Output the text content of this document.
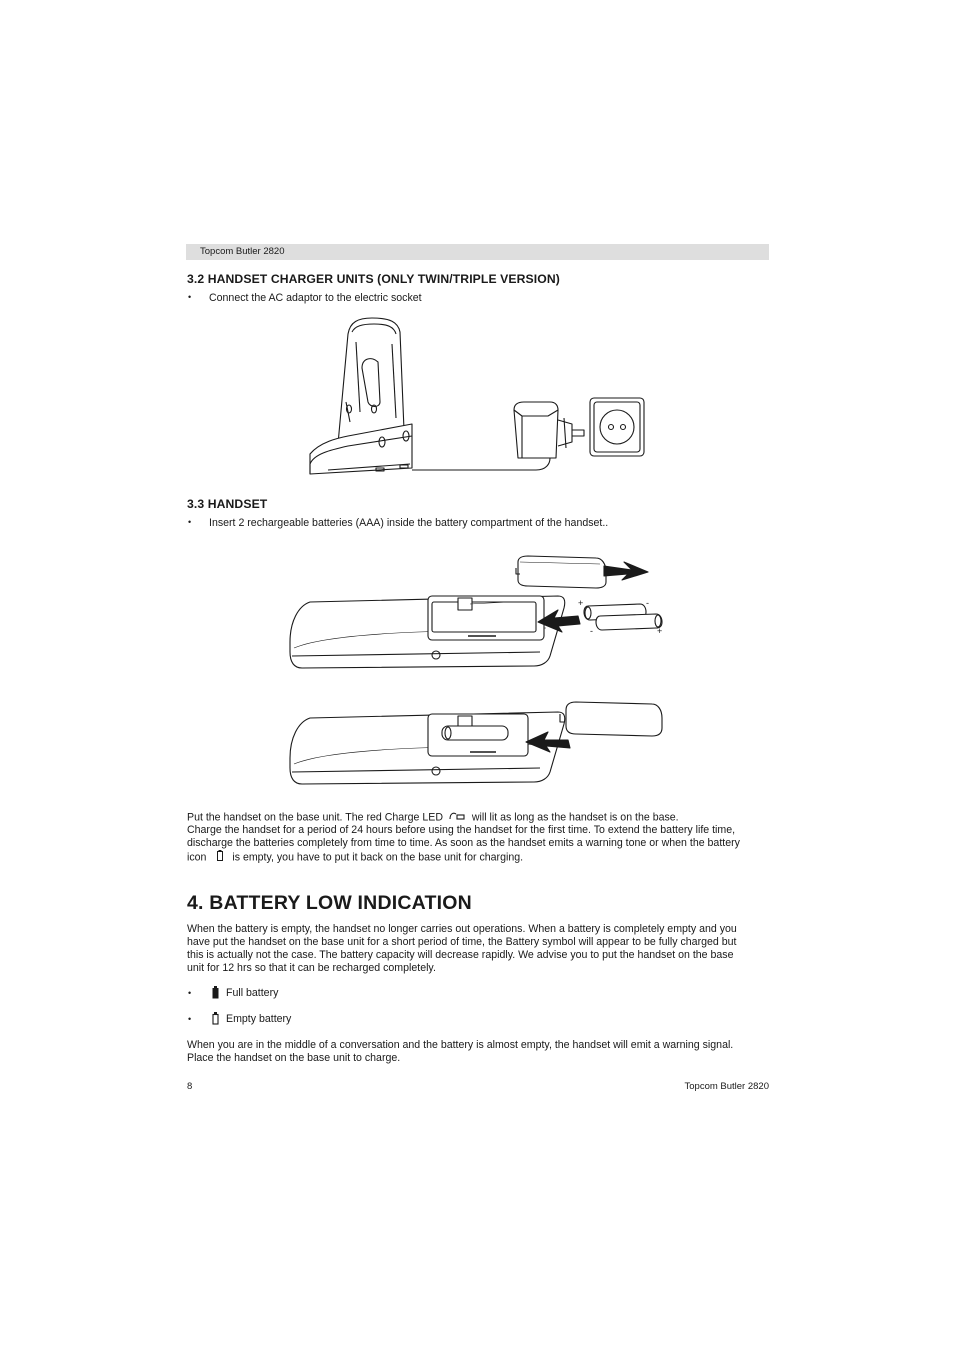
Topcom Butler 2820
3.2 HANDSET CHARGER UNITS (ONLY TWIN/TRIPLE VERSION)
• Connect the AC adaptor to the electric socket
3.3 HANDSET
• Insert 2 rechargeable batteries (AAA) inside the battery compartment of the handset..
+	-
-	+
Put the handset on the base unit. The red Charge LED	will lit as long as the handset is on the base.
Charge the handset for a period of 24 hours before using the handset for the first time. To extend the battery life time,
discharge the batteries completely from time to time. As soon as the handset emits a warning tone or when the battery
icon is empty, you have to put it back on the base unit for charging.
4. BATTERY LOW INDICATION
When the battery is empty, the handset no longer carries out operations. When a battery is completely empty and you
have put the handset on the base unit for a short period of time, the Battery symbol will appear to be fully charged but
this is actually not the case. The battery capacity will decrease rapidly. We advise you to put the handset on the base
unit for 12 hrs so that it can be recharged completely.
•	Full battery
•	Empty battery
When you are in the middle of a conversation and the battery is almost empty, the handset will emit a warning signal.
Place the handset on the base unit to charge.
8	Topcom Butler 2820
